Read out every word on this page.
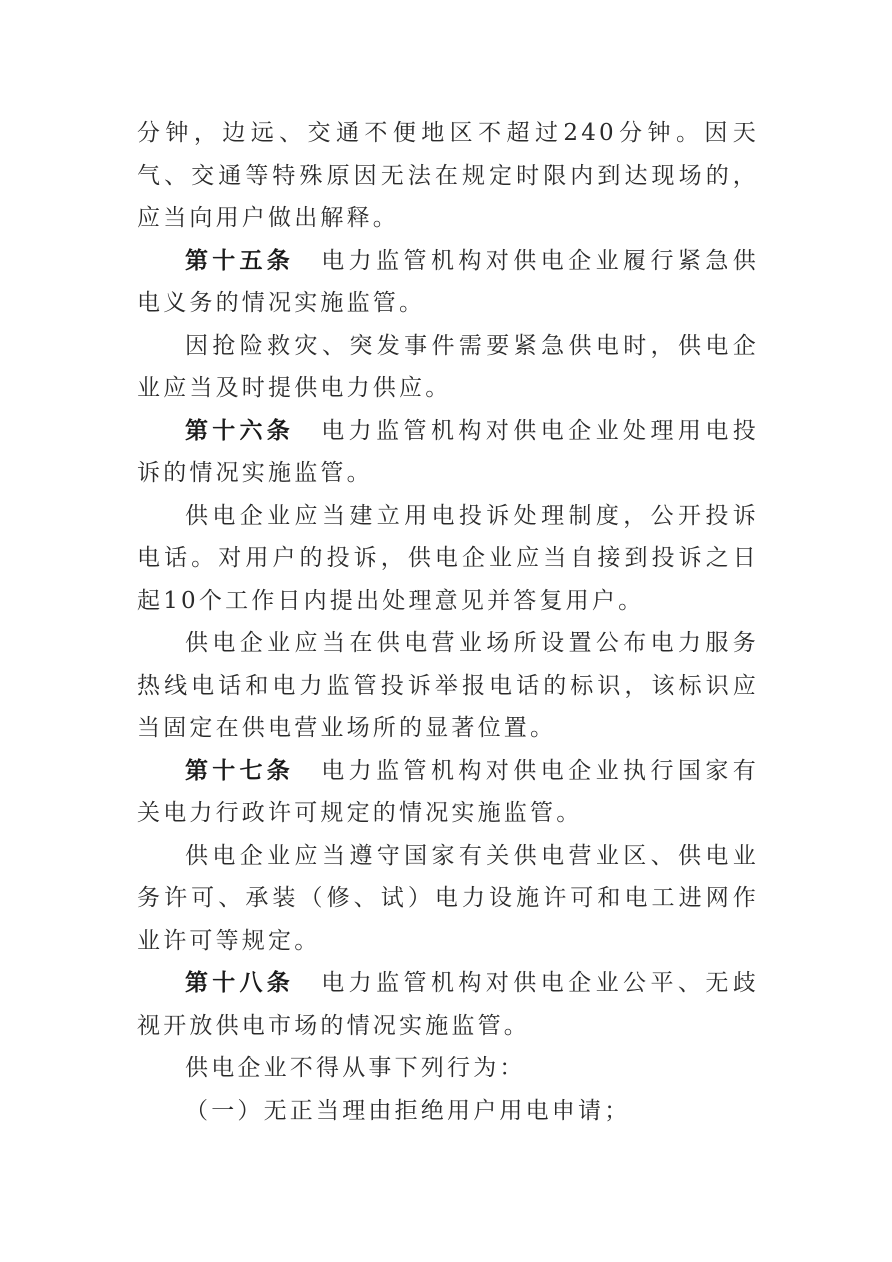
分钟，边远、交通不便地区不超过240分钟。因天气、交通等特殊原因无法在规定时限内到达现场的，应当向用户做出解释。

第十五条 电力监管机构对供电企业履行紧急供电义务的情况实施监管。

因抢险救灾、突发事件需要紧急供电时，供电企业应当及时提供电力供应。

第十六条 电力监管机构对供电企业处理用电投诉的情况实施监管。

供电企业应当建立用电投诉处理制度，公开投诉电话。对用户的投诉，供电企业应当自接到投诉之日起10个工作日内提出处理意见并答复用户。

供电企业应当在供电营业场所设置公布电力服务热线电话和电力监管投诉举报电话的标识，该标识应当固定在供电营业场所的显著位置。

第十七条 电力监管机构对供电企业执行国家有关电力行政许可规定的情况实施监管。

供电企业应当遵守国家有关供电营业区、供电业务许可、承装（修、试）电力设施许可和电工进网作业许可等规定。

第十八条 电力监管机构对供电企业公平、无歧视开放供电市场的情况实施监管。

供电企业不得从事下列行为：

（一）无正当理由拒绝用户用电申请；
